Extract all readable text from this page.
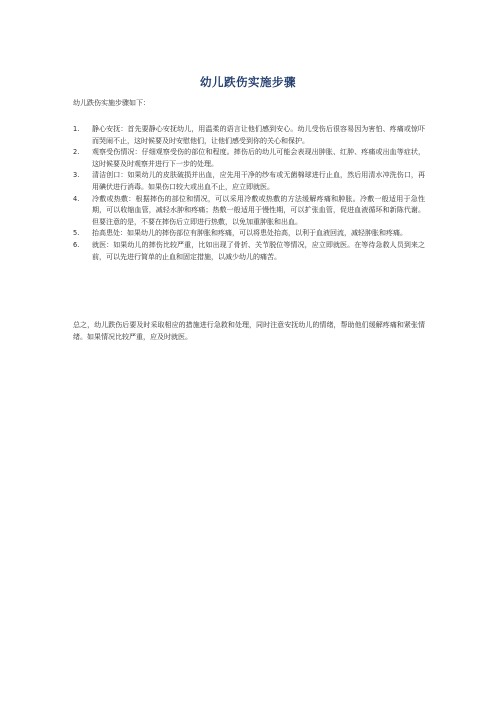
幼儿跌伤实施步骤
幼儿跌伤实施步骤如下：
1. 静心安抚：首先要静心安抚幼儿，用温柔的语言让他们感到安心。幼儿受伤后很容易因为害怕、疼痛或惊吓而哭闹不止，这时候要及时安慰他们，让他们感受到你的关心和保护。
2. 观察受伤情况：仔细观察受伤的部位和程度。摔伤后的幼儿可能会表现出肿胀、红肿、疼痛或出血等症状，这时候要及时观察并进行下一步的处理。
3. 清洁创口：如果幼儿的皮肤破损并出血，应先用干净的纱布或无菌棉球进行止血，然后用清水冲洗伤口，再用碘伏进行消毒。如果伤口较大或出血不止，应立即就医。
4. 冷敷或热敷：根据摔伤的部位和情况，可以采用冷敷或热敷的方法缓解疼痛和肿胀。冷敷一般适用于急性期，可以收缩血管，减轻水肿和疼痛；热敷一般适用于慢性期，可以扩张血管，促进血液循环和新陈代谢。但要注意的是，不要在摔伤后立即进行热敷，以免加重肿胀和出血。
5. 抬高患处：如果幼儿的摔伤部位有肿胀和疼痛，可以将患处抬高，以利于血液回流，减轻肿胀和疼痛。
6. 就医：如果幼儿的摔伤比较严重，比如出现了骨折、关节脱位等情况，应立即就医。在等待急救人员到来之前，可以先进行简单的止血和固定措施，以减少幼儿的痛苦。

总之，幼儿跌伤后要及时采取相应的措施进行急救和处理，同时注意安抚幼儿的情绪，帮助他们缓解疼痛和紧张情绪。如果情况比较严重，应及时就医。
